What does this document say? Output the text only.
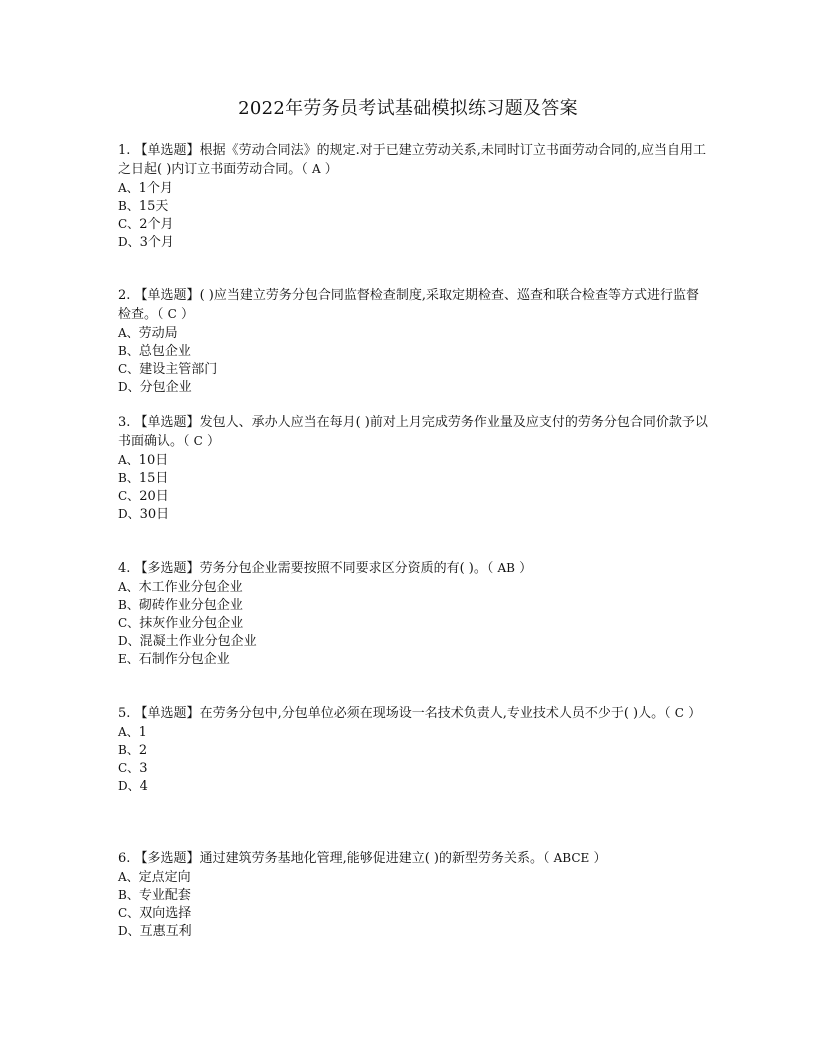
2022年劳务员考试基础模拟练习题及答案

1. 【单选题】根据《劳动合同法》的规定.对于已建立劳动关系,未同时订立书面劳动合同的,应当自用工之日起( )内订立书面劳动合同。（ A ）

A、1个月
B、15天
C、2个月
D、3个月

2. 【单选题】( )应当建立劳务分包合同监督检查制度,采取定期检查、巡查和联合检查等方式进行监督检查。（ C ）

A、劳动局
B、总包企业
C、建设主管部门
D、分包企业

3. 【单选题】发包人、承办人应当在每月( )前对上月完成劳务作业量及应支付的劳务分包合同价款予以书面确认。（ C ）

A、10日
B、15日
C、20日
D、30日

4. 【多选题】劳务分包企业需要按照不同要求区分资质的有( )。（ AB ）

A、木工作业分包企业
B、砌砖作业分包企业
C、抹灰作业分包企业
D、混凝土作业分包企业
E、石制作分包企业

5. 【单选题】在劳务分包中,分包单位必须在现场设一名技术负责人,专业技术人员不少于( )人。（ C ）

A、1
B、2
C、3
D、4

6. 【多选题】通过建筑劳务基地化管理,能够促进建立( )的新型劳务关系。（ ABCE ）

A、定点定向
B、专业配套
C、双向选择
D、互惠互利
